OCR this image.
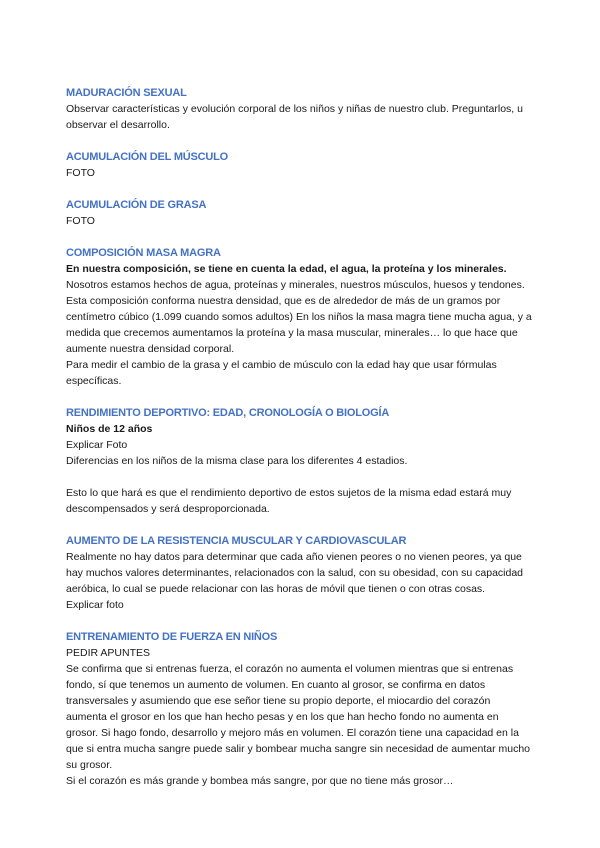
MADURACIÓN SEXUAL

Observar características y evolución corporal de los niños y niñas de nuestro club. Preguntarlos, u

observar el desarrollo.

ACUMULACIÓN DEL MÚSCULO

FOTO

ACUMULACIÓN DE GRASA

FOTO

COMPOSICIÓN MASA MAGRA

En nuestra composición, se tiene en cuenta la edad, el agua, la proteína y los minerales.

Nosotros estamos hechos de agua, proteínas y minerales, nuestros músculos, huesos y tendones.

Esta composición conforma nuestra densidad, que es de alrededor de más de un gramos por

centímetro cúbico (1.099 cuando somos adultos) En los niños la masa magra tiene mucha agua, y a

medida que crecemos aumentamos la proteína y la masa muscular, minerales… lo que hace que

aumente nuestra densidad corporal.

Para medir el cambio de la grasa y el cambio de músculo con la edad hay que usar fórmulas

específicas.

RENDIMIENTO DEPORTIVO: EDAD, CRONOLOGÍA O BIOLOGÍA

Niños de 12 años

Explicar Foto

Diferencias en los niños de la misma clase para los diferentes 4 estadios.

Esto lo que hará es que el rendimiento deportivo de estos sujetos de la misma edad estará muy

descompensados y será desproporcionada.

AUMENTO DE LA RESISTENCIA MUSCULAR Y CARDIOVASCULAR

Realmente no hay datos para determinar que cada año vienen peores o no vienen peores, ya que

hay muchos valores determinantes, relacionados con la salud, con su obesidad, con su capacidad

aeróbica, lo cual se puede relacionar con las horas de móvil que tienen o con otras cosas.

Explicar foto

ENTRENAMIENTO DE FUERZA EN NIÑOS

PEDIR APUNTES

Se confirma que si entrenas fuerza, el corazón no aumenta el volumen mientras que si entrenas

fondo, sí que tenemos un aumento de volumen. En cuanto al grosor, se confirma en datos

transversales y asumiendo que ese señor tiene su propio deporte, el miocardio del corazón

aumenta el grosor en los que han hecho pesas y en los que han hecho fondo no aumenta en

grosor. Si hago fondo, desarrollo y mejoro más en volumen. El corazón tiene una capacidad en la

que si entra mucha sangre puede salir y bombear mucha sangre sin necesidad de aumentar mucho

su grosor.

Si el corazón es más grande y bombea más sangre, por que no tiene más grosor…
